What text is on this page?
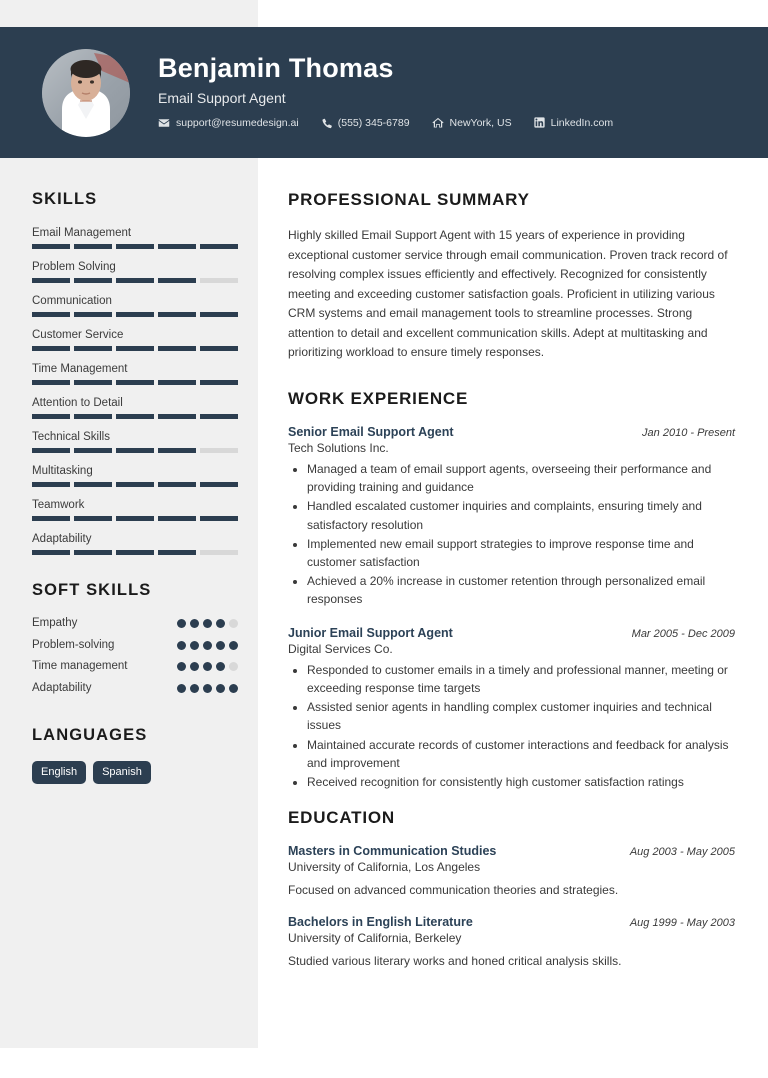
Benjamin Thomas
Email Support Agent
support@resumedesign.ai	(555) 345-6789	NewYork, US	LinkedIn.com
SKILLS
Email Management
Problem Solving
Communication
Customer Service
Time Management
Attention to Detail
Technical Skills
Multitasking
Teamwork
Adaptability
SOFT SKILLS
Empathy
Problem-solving
Time management
Adaptability
LANGUAGES
English	Spanish
PROFESSIONAL SUMMARY
Highly skilled Email Support Agent with 15 years of experience in providing exceptional customer service through email communication. Proven track record of resolving complex issues efficiently and effectively. Recognized for consistently meeting and exceeding customer satisfaction goals. Proficient in utilizing various CRM systems and email management tools to streamline processes. Strong attention to detail and excellent communication skills. Adept at multitasking and prioritizing workload to ensure timely responses.
WORK EXPERIENCE
Senior Email Support Agent	Jan 2010 - Present
Tech Solutions Inc.
• Managed a team of email support agents, overseeing their performance and providing training and guidance
• Handled escalated customer inquiries and complaints, ensuring timely and satisfactory resolution
• Implemented new email support strategies to improve response time and customer satisfaction
• Achieved a 20% increase in customer retention through personalized email responses
Junior Email Support Agent	Mar 2005 - Dec 2009
Digital Services Co.
• Responded to customer emails in a timely and professional manner, meeting or exceeding response time targets
• Assisted senior agents in handling complex customer inquiries and technical issues
• Maintained accurate records of customer interactions and feedback for analysis and improvement
• Received recognition for consistently high customer satisfaction ratings
EDUCATION
Masters in Communication Studies	Aug 2003 - May 2005
University of California, Los Angeles
Focused on advanced communication theories and strategies.
Bachelors in English Literature	Aug 1999 - May 2003
University of California, Berkeley
Studied various literary works and honed critical analysis skills.
